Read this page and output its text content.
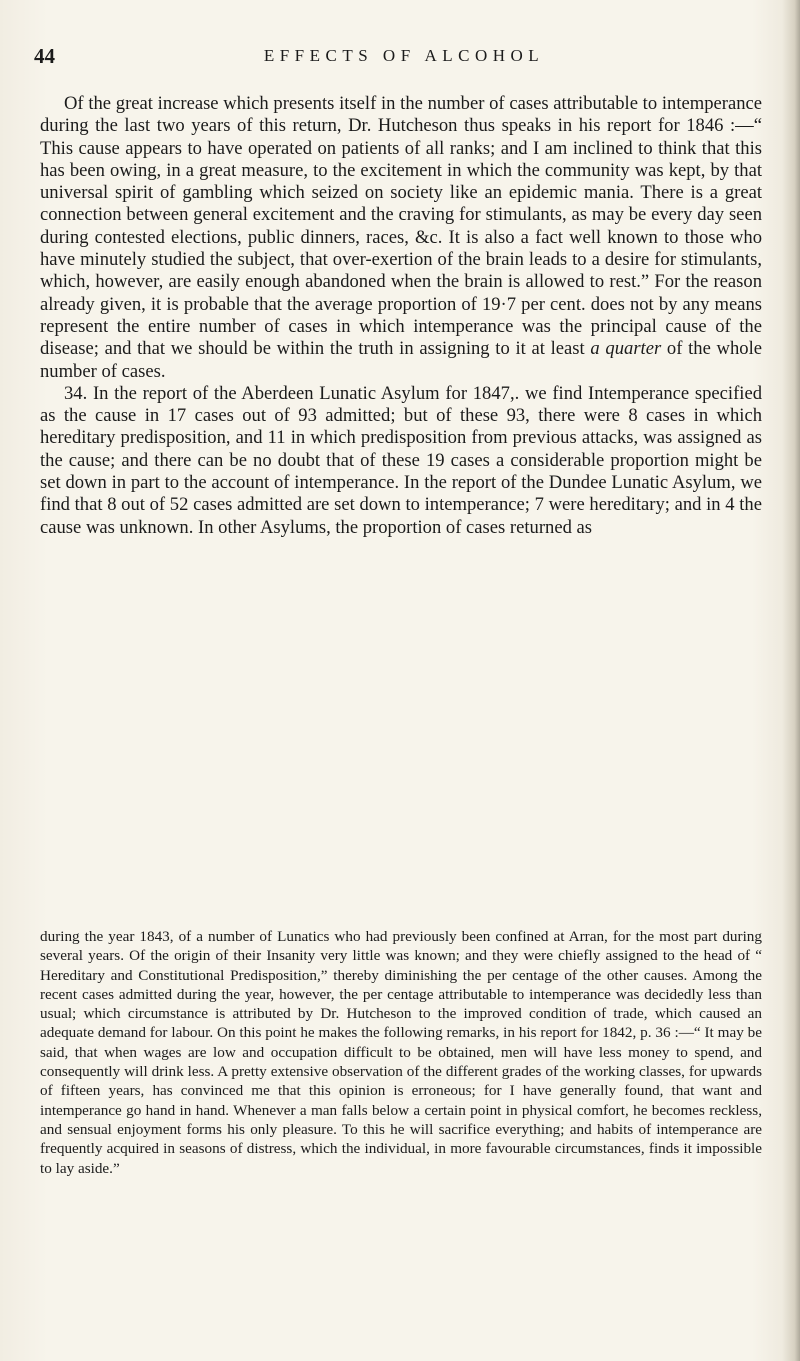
44	EFFECTS OF ALCOHOL

Of the great increase which presents itself in the number of cases attributable to intemperance during the last two years of this return, Dr. Hutcheson thus speaks in his report for 1846 :—“ This cause appears to have operated on patients of all ranks; and I am inclined to think that this has been owing, in a great measure, to the excitement in which the community was kept, by that universal spirit of gambling which seized on society like an epidemic mania. There is a great connection between general excitement and the craving for stimulants, as may be every day seen during contested elections, public dinners, races, &c. It is also a fact well known to those who have minutely studied the subject, that over-exertion of the brain leads to a desire for stimulants, which, however, are easily enough abandoned when the brain is allowed to rest.” For the reason already given, it is probable that the average proportion of 19·7 per cent. does not by any means represent the entire number of cases in which intemperance was the principal cause of the disease; and that we should be within the truth in assigning to it at least a quarter of the whole number of cases.

34. In the report of the Aberdeen Lunatic Asylum for 1847,. we find Intemperance specified as the cause in 17 cases out of 93 admitted; but of these 93, there were 8 cases in which hereditary predisposition, and 11 in which predisposition from previous attacks, was assigned as the cause; and there can be no doubt that of these 19 cases a considerable proportion might be set down in part to the account of intemperance. In the report of the Dundee Lunatic Asylum, we find that 8 out of 52 cases admitted are set down to intemperance; 7 were hereditary; and in 4 the cause was unknown. In other Asylums, the proportion of cases returned as

during the year 1843, of a number of Lunatics who had previously been confined at Arran, for the most part during several years. Of the origin of their Insanity very little was known; and they were chiefly assigned to the head of “ Hereditary and Constitutional Predisposition,” thereby diminishing the per centage of the other causes. Among the recent cases admitted during the year, however, the per centage attributable to intemperance was decidedly less than usual; which circumstance is attributed by Dr. Hutcheson to the improved condition of trade, which caused an adequate demand for labour. On this point he makes the following remarks, in his report for 1842, p. 36 :—“ It may be said, that when wages are low and occupation difficult to be obtained, men will have less money to spend, and consequently will drink less. A pretty extensive observation of the different grades of the working classes, for upwards of fifteen years, has convinced me that this opinion is erroneous; for I have generally found, that want and intemperance go hand in hand. Whenever a man falls below a certain point in physical comfort, he becomes reckless, and sensual enjoyment forms his only pleasure. To this he will sacrifice everything; and habits of intemperance are frequently acquired in seasons of distress, which the individual, in more favourable circumstances, finds it impossible to lay aside.”
